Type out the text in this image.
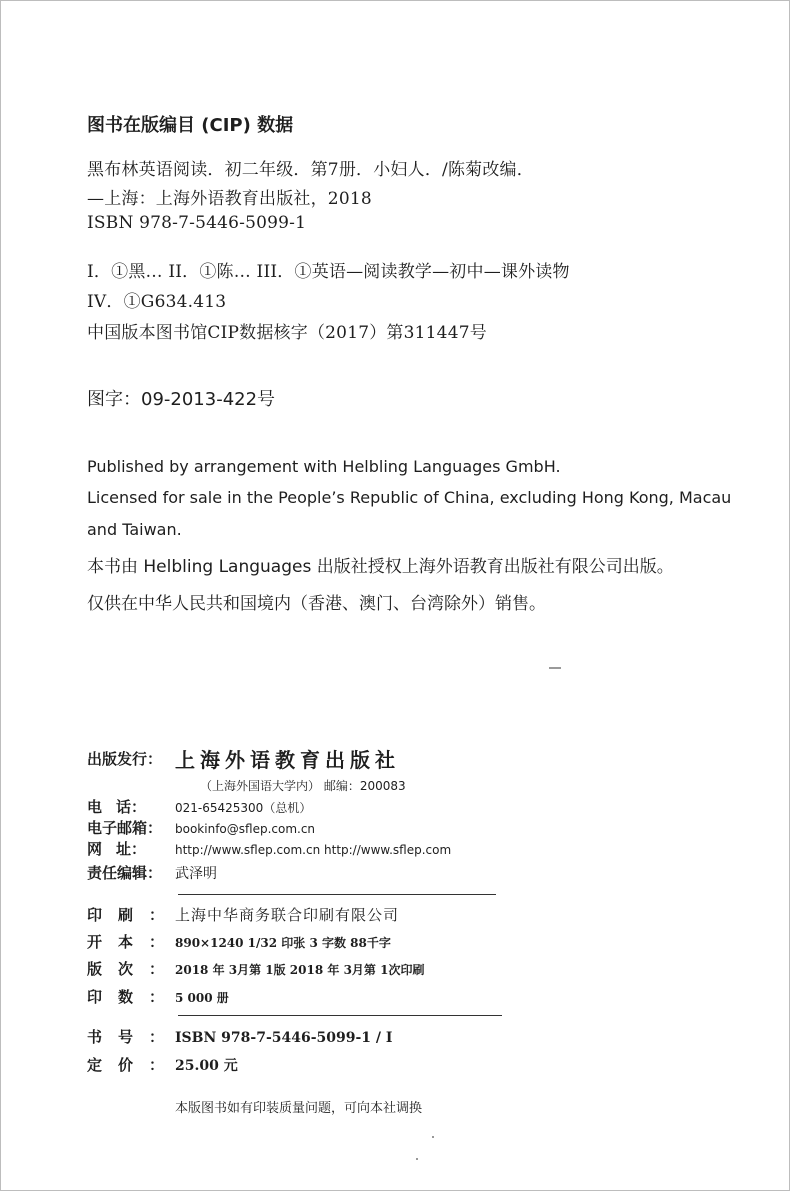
图书在版编目 (CIP) 数据
黑布林英语阅读．初二年级．第7册．小妇人．/陈菊改编．
—上海：上海外语教育出版社，2018
ISBN 978-7-5446-5099-1
I．①黑… II．①陈… III．①英语—阅读教学—初中—课外读物
IV．①G634.413
中国版本图书馆CIP数据核字（2017）第311447号
图字：09-2013-422号
Published by arrangement with Helbling Languages GmbH.
Licensed for sale in the People’s Republic of China, excluding Hong Kong, Macau
and Taiwan.
本书由 Helbling Languages 出版社授权上海外语教育出版社有限公司出版。
仅供在中华人民共和国境内（香港、澳门、台湾除外）销售。
出版发行： 上海外语教育出版社
（上海外国语大学内） 邮编：200083
电 话： 021-65425300（总机）
电子邮箱： bookinfo@sflep.com.cn
网 址： http://www.sflep.com.cn http://www.sflep.com
责任编辑： 武泽明
印刷：上海中华商务联合印刷有限公司
开本：890×1240 1/32 印张 3 字数 88千字
版次：2018 年 3月第 1版 2018 年 3月第 1次印刷
印数：5 000 册
书号：ISBN 978-7-5446-5099-1 / I
定价：25.00 元
本版图书如有印装质量问题，可向本社调换
